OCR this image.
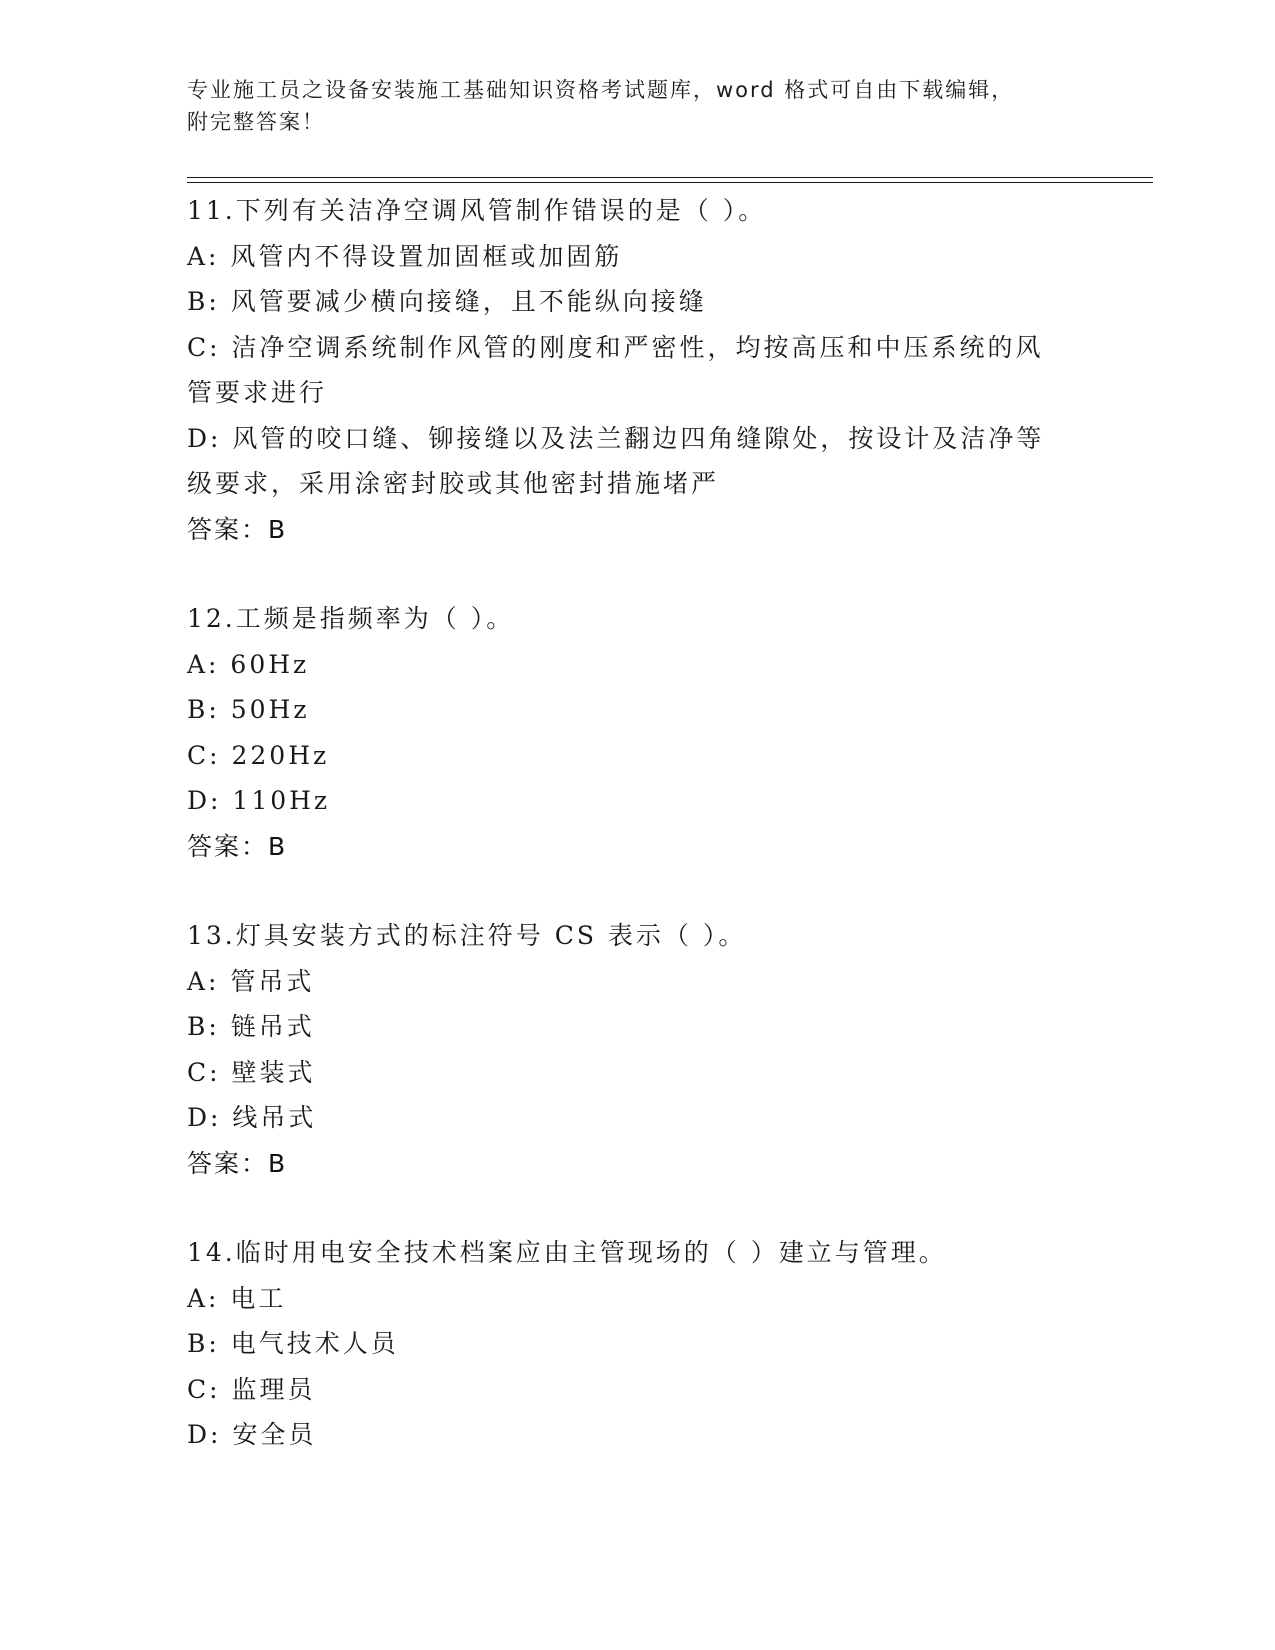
专业施工员之设备安装施工基础知识资格考试题库，word 格式可自由下载编辑，
附完整答案！
11.下列有关洁净空调风管制作错误的是（ ）。
A: 风管内不得设置加固框或加固筋
B: 风管要减少横向接缝，且不能纵向接缝
C: 洁净空调系统制作风管的刚度和严密性，均按高压和中压系统的风管要求进行
D: 风管的咬口缝、铆接缝以及法兰翻边四角缝隙处，按设计及洁净等级要求，采用涂密封胶或其他密封措施堵严
答案：B
12.工频是指频率为（ ）。
A: 60Hz
B: 50Hz
C: 220Hz
D: 110Hz
答案：B
13.灯具安装方式的标注符号 CS 表示（ ）。
A: 管吊式
B: 链吊式
C: 壁装式
D: 线吊式
答案：B
14.临时用电安全技术档案应由主管现场的（ ）建立与管理。
A: 电工
B: 电气技术人员
C: 监理员
D: 安全员
